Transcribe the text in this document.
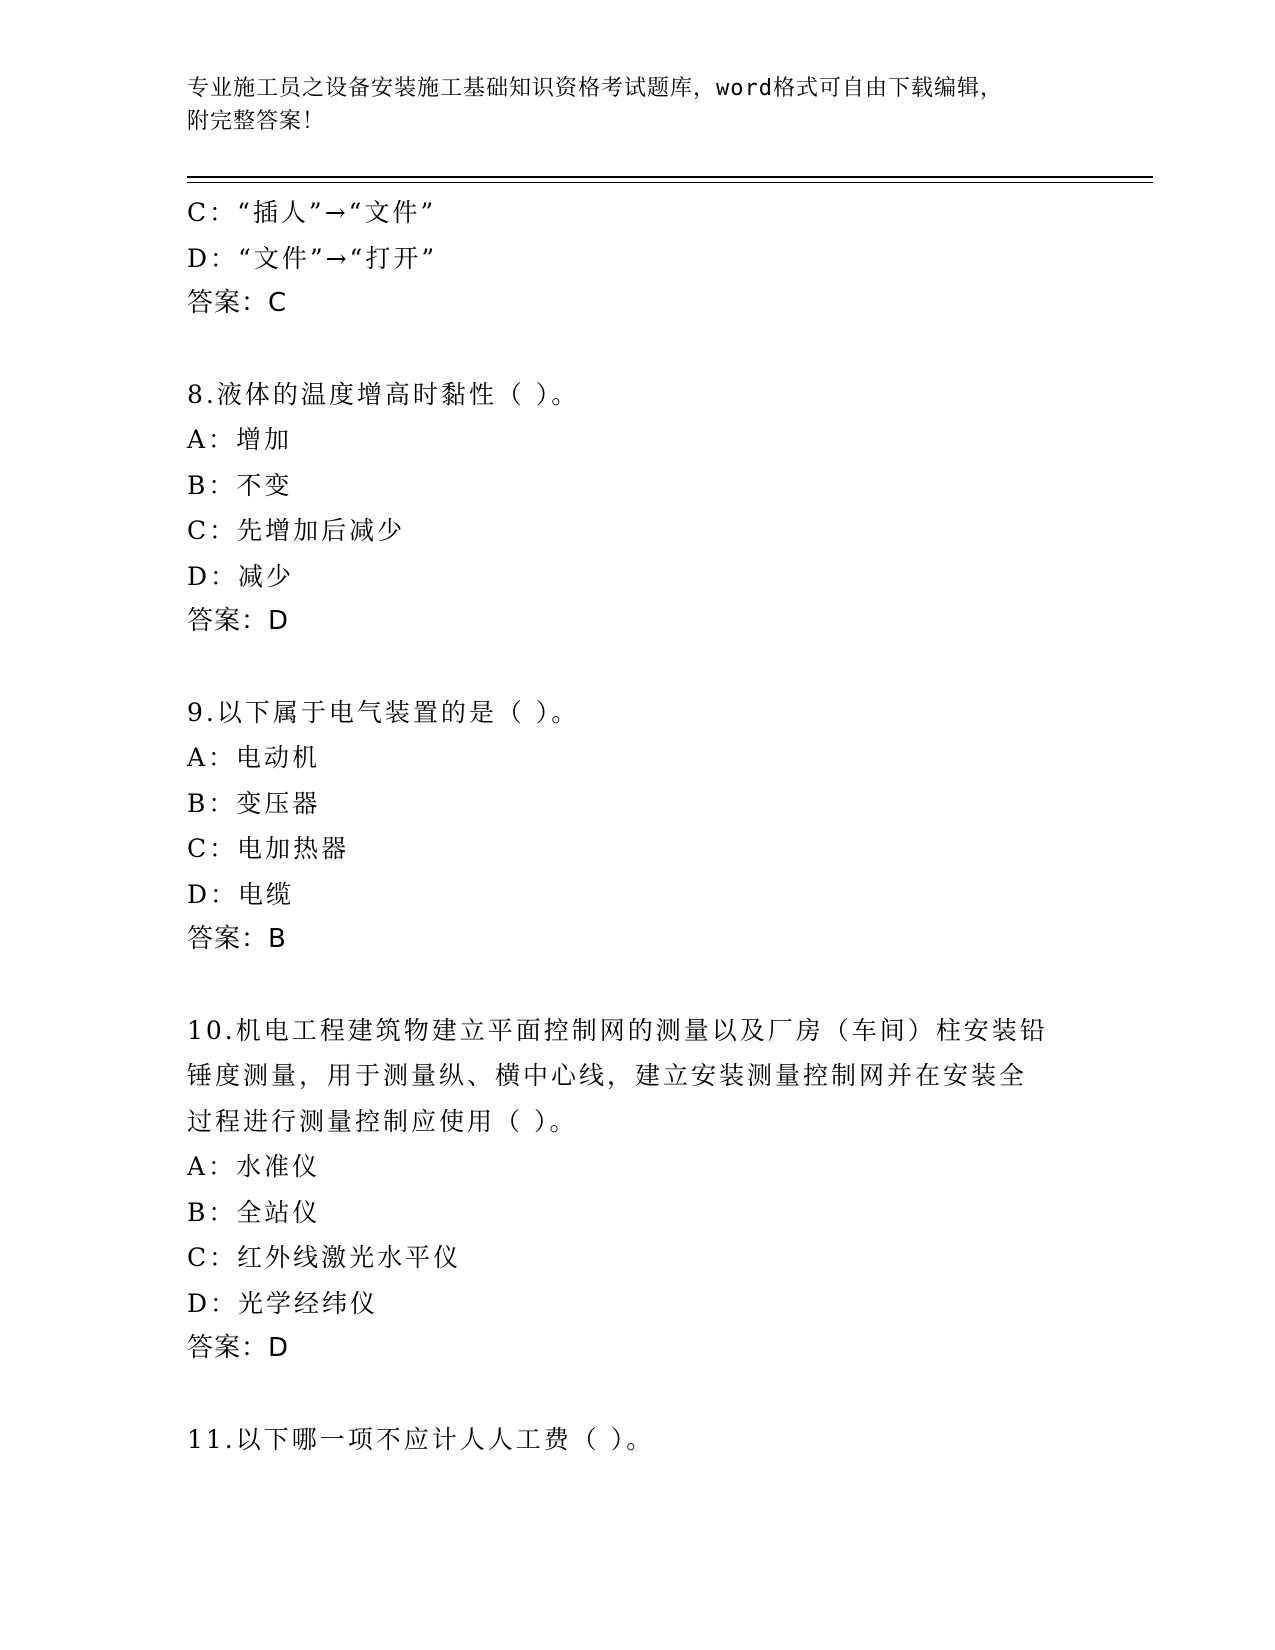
专业施工员之设备安装施工基础知识资格考试题库，word格式可自由下载编辑，
附完整答案！
C：“插人”→“文件”
D：“文件”→“打开”
答案：C
8.液体的温度增高时黏性（ ）。
A：增加
B：不变
C：先增加后减少
D：减少
答案：D
9.以下属于电气装置的是（ ）。
A：电动机
B：变压器
C：电加热器
D：电缆
答案：B
10.机电工程建筑物建立平面控制网的测量以及厂房（车间）柱安装铅
锤度测量，用于测量纵、横中心线，建立安装测量控制网并在安装全
过程进行测量控制应使用（ ）。
A：水准仪
B：全站仪
C：红外线激光水平仪
D：光学经纬仪
答案：D
11.以下哪一项不应计人人工费（ ）。
